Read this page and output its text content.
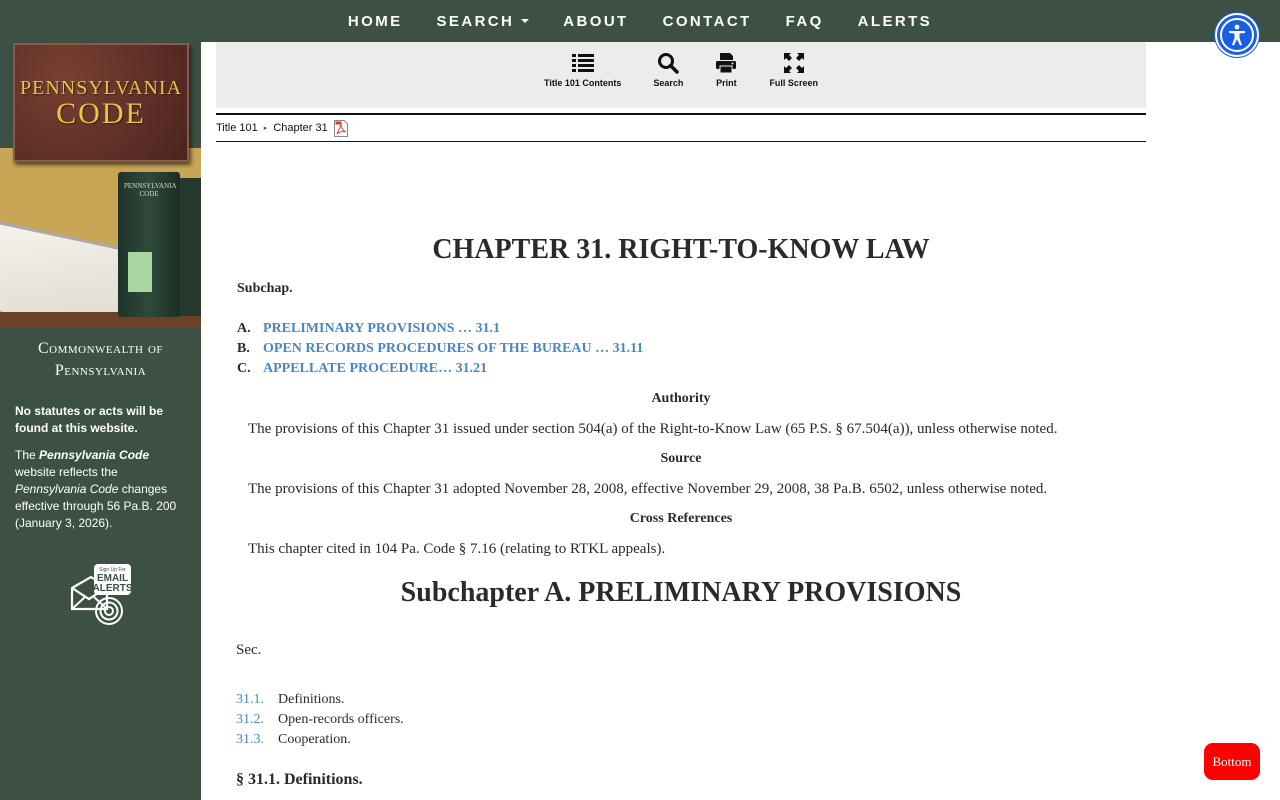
HOME SEARCH	ABOUT CONTACT FAQ ALERTS
PENNSYLVANIA
CODE
PENNSYLVANIA CODE
Commonwealth of
Pennsylvania
No statutes or acts will be found at this website.
The Pennsylvania Code website reflects the Pennsylvania Code changes effective through 56 Pa.B. 200 (January 3, 2026).
Sign Up For
EMAIL
ALERTS
Title 101 Contents	Search	Print	Full Screen
Title 101 ▸ Chapter 31
CHAPTER 31. RIGHT-TO-KNOW LAW
Subchap.
A. PRELIMINARY PROVISIONS … 31.1
B. OPEN RECORDS PROCEDURES OF THE BUREAU … 31.11
C. APPELLATE PROCEDURE… 31.21
Authority
The provisions of this Chapter 31 issued under section 504(a) of the Right-to-Know Law (65 P.S. § 67.504(a)), unless otherwise noted.
Source
The provisions of this Chapter 31 adopted November 28, 2008, effective November 29, 2008, 38 Pa.B. 6502, unless otherwise noted.
Cross References
This chapter cited in 104 Pa. Code § 7.16 (relating to RTKL appeals).
Subchapter A. PRELIMINARY PROVISIONS
Sec.
31.1.	Definitions.
31.2.	Open-records officers.
31.3.	Cooperation.
§ 31.1. Definitions.
Bottom
